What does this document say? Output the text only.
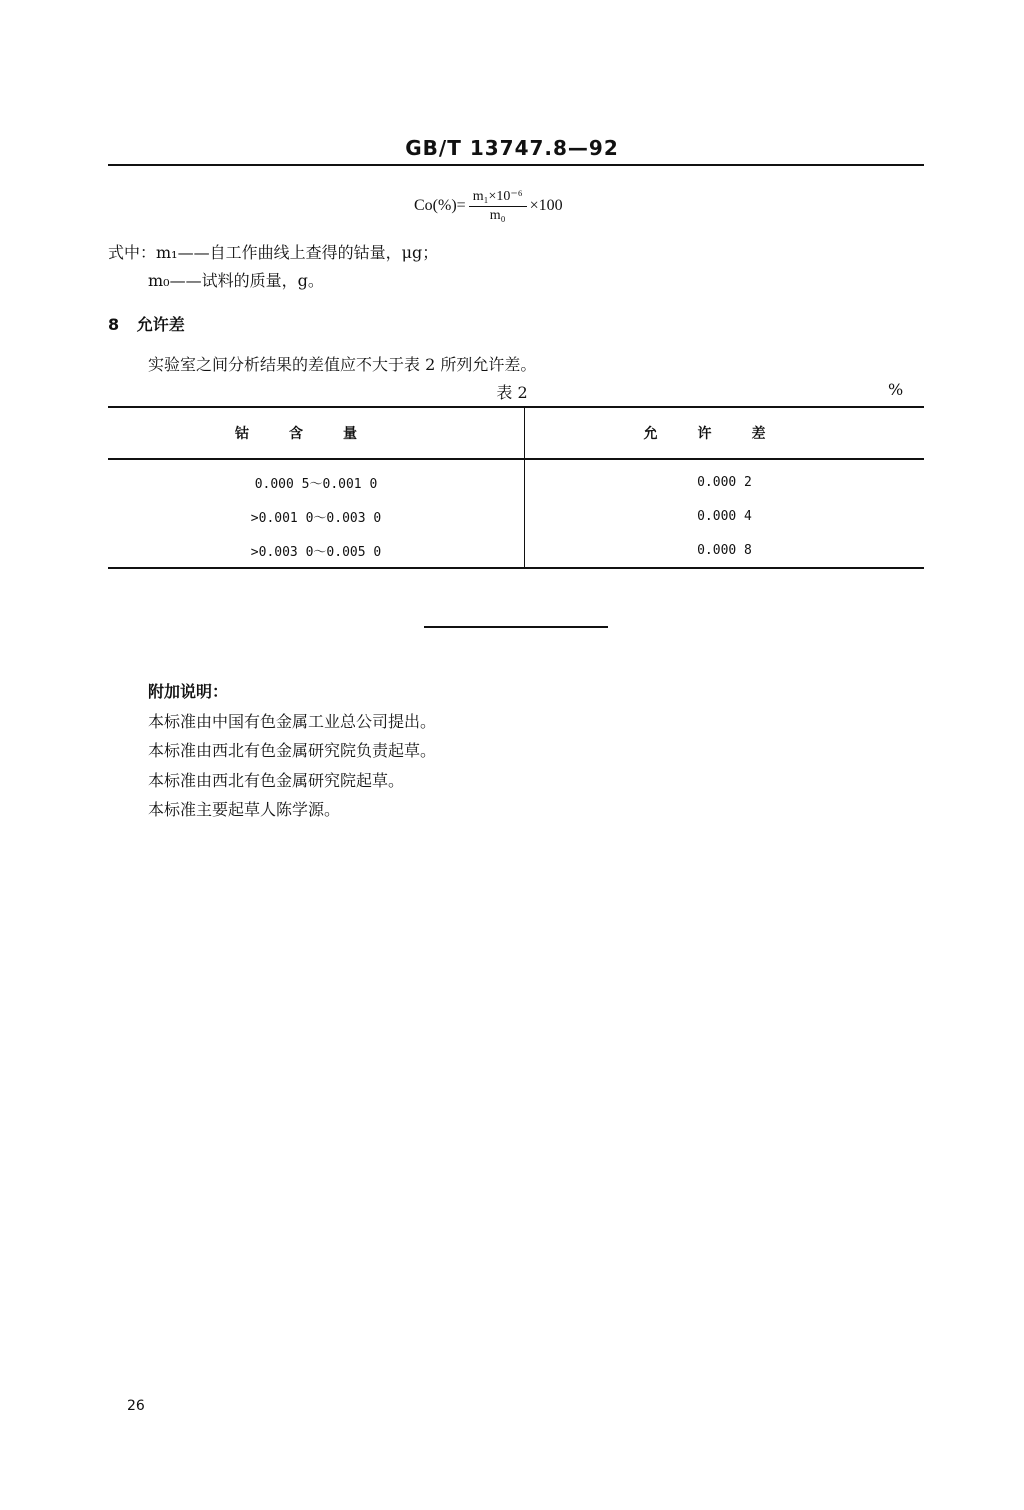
GB/T 13747.8—92
$Co(\%)= \frac{\text{m₁×10⁻⁶}}{\text{m₀}} \times 100$
式中：m₁——自工作曲线上查得的钴量，μg；
m₀——试料的质量，g。
8 允许差
实验室之间分析结果的差值应不大于表 2 所列允许差。
表 2	%
钴含量	允许差
0.000 5～0.001 0	0.000 2
>0.001 0～0.003 0	0.000 4
>0.003 0～0.005 0	0.000 8
附加说明：
本标准由中国有色金属工业总公司提出。
本标准由西北有色金属研究院负责起草。
本标准由西北有色金属研究院起草。
本标准主要起草人陈学源。
26
